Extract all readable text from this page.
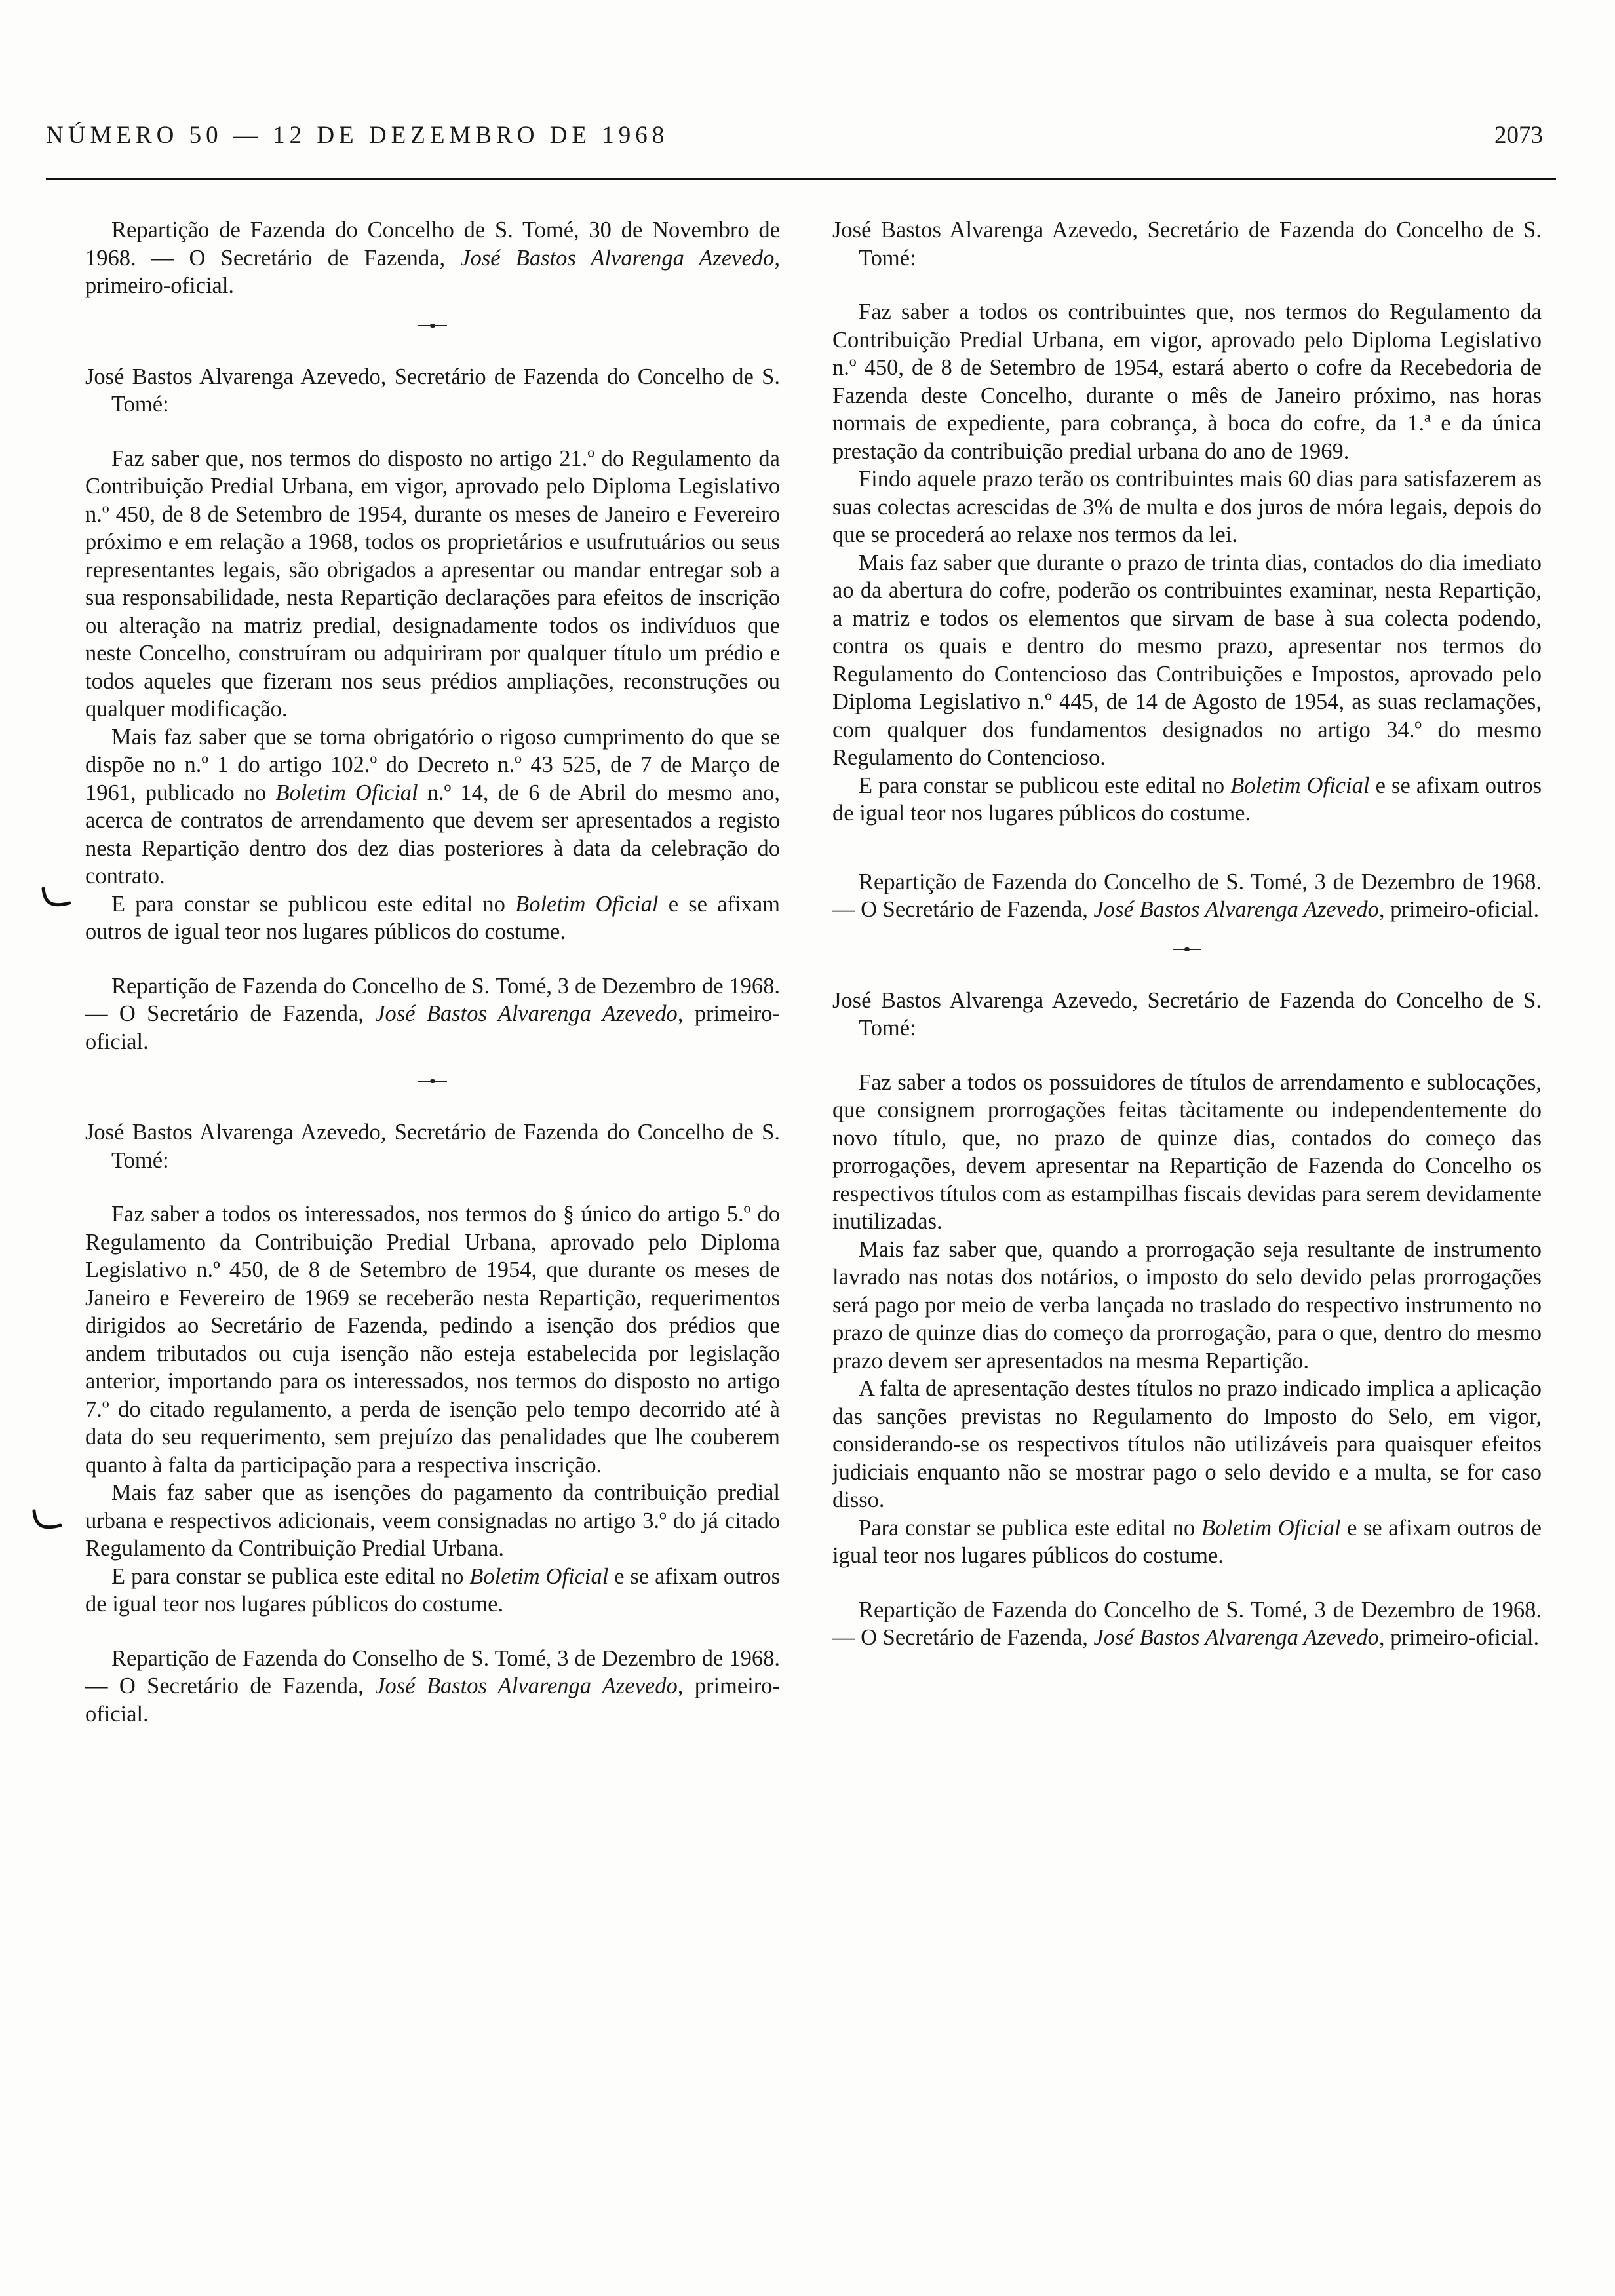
NÚMERO 50 — 12 DE DEZEMBRO DE 1968	2073

Repartição de Fazenda do Concelho de S. Tomé, 30 de Novembro de 1968. — O Secretário de Fazenda, José Bastos Alvarenga Azevedo, primeiro-oficial.

José Bastos Alvarenga Azevedo, Secretário de Fazenda do Concelho de S. Tomé:

Faz saber que, nos termos do disposto no artigo 21.º do Regulamento da Contribuição Predial Urbana, em vigor, aprovado pelo Diploma Legislativo n.º 450, de 8 de Setembro de 1954, durante os meses de Janeiro e Fevereiro próximo e em relação a 1968, todos os proprietários e usufrutuários ou seus representantes legais, são obrigados a apresentar ou mandar entregar sob a sua responsabilidade, nesta Repartição declarações para efeitos de inscrição ou alteração na matriz predial, designadamente todos os indivíduos que neste Concelho, construíram ou adquiriram por qualquer título um prédio e todos aqueles que fizeram nos seus prédios ampliações, reconstruções ou qualquer modificação.

Mais faz saber que se torna obrigatório o rigoso cumprimento do que se dispõe no n.º 1 do artigo 102.º do Decreto n.º 43 525, de 7 de Março de 1961, publicado no Boletim Oficial n.º 14, de 6 de Abril do mesmo ano, acerca de contratos de arrendamento que devem ser apresentados a registo nesta Repartição dentro dos dez dias posteriores à data da celebração do contrato.

E para constar se publicou este edital no Boletim Oficial e se afixam outros de igual teor nos lugares públicos do costume.

Repartição de Fazenda do Concelho de S. Tomé, 3 de Dezembro de 1968. — O Secretário de Fazenda, José Bastos Alvarenga Azevedo, primeiro-oficial.

José Bastos Alvarenga Azevedo, Secretário de Fazenda do Concelho de S. Tomé:

Faz saber a todos os interessados, nos termos do § único do artigo 5.º do Regulamento da Contribuição Predial Urbana, aprovado pelo Diploma Legislativo n.º 450, de 8 de Setembro de 1954, que durante os meses de Janeiro e Fevereiro de 1969 se receberão nesta Repartição, requerimentos dirigidos ao Secretário de Fazenda, pedindo a isenção dos prédios que andem tributados ou cuja isenção não esteja estabelecida por legislação anterior, importando para os interessados, nos termos do disposto no artigo 7.º do citado regulamento, a perda de isenção pelo tempo decorrido até à data do seu requerimento, sem prejuízo das penalidades que lhe couberem quanto à falta da participação para a respectiva inscrição.

Mais faz saber que as isenções do pagamento da contribuição predial urbana e respectivos adicionais, veem consignadas no artigo 3.º do já citado Regulamento da Contribuição Predial Urbana.

E para constar se publica este edital no Boletim Oficial e se afixam outros de igual teor nos lugares públicos do costume.

Repartição de Fazenda do Conselho de S. Tomé, 3 de Dezembro de 1968. — O Secretário de Fazenda, José Bastos Alvarenga Azevedo, primeiro-oficial.

José Bastos Alvarenga Azevedo, Secretário de Fazenda do Concelho de S. Tomé:

Faz saber a todos os contribuintes que, nos termos do Regulamento da Contribuição Predial Urbana, em vigor, aprovado pelo Diploma Legislativo n.º 450, de 8 de Setembro de 1954, estará aberto o cofre da Recebedoria de Fazenda deste Concelho, durante o mês de Janeiro próximo, nas horas normais de expediente, para cobrança, à boca do cofre, da 1.ª e da única prestação da contribuição predial urbana do ano de 1969.

Findo aquele prazo terão os contribuintes mais 60 dias para satisfazerem as suas colectas acrescidas de 3% de multa e dos juros de móra legais, depois do que se procederá ao relaxe nos termos da lei.

Mais faz saber que durante o prazo de trinta dias, contados do dia imediato ao da abertura do cofre, poderão os contribuintes examinar, nesta Repartição, a matriz e todos os elementos que sirvam de base à sua colecta podendo, contra os quais e dentro do mesmo prazo, apresentar nos termos do Regulamento do Contencioso das Contribuições e Impostos, aprovado pelo Diploma Legislativo n.º 445, de 14 de Agosto de 1954, as suas reclamações, com qualquer dos fundamentos designados no artigo 34.º do mesmo Regulamento do Contencioso.

E para constar se publicou este edital no Boletim Oficial e se afixam outros de igual teor nos lugares públicos do costume.

Repartição de Fazenda do Concelho de S. Tomé, 3 de Dezembro de 1968. — O Secretário de Fazenda, José Bastos Alvarenga Azevedo, primeiro-oficial.

José Bastos Alvarenga Azevedo, Secretário de Fazenda do Concelho de S. Tomé:

Faz saber a todos os possuidores de títulos de arrendamento e sublocações, que consignem prorrogações feitas tàcitamente ou independentemente do novo título, que, no prazo de quinze dias, contados do começo das prorrogações, devem apresentar na Repartição de Fazenda do Concelho os respectivos títulos com as estampilhas fiscais devidas para serem devidamente inutilizadas.

Mais faz saber que, quando a prorrogação seja resultante de instrumento lavrado nas notas dos notários, o imposto do selo devido pelas prorrogações será pago por meio de verba lançada no traslado do respectivo instrumento no prazo de quinze dias do começo da prorrogação, para o que, dentro do mesmo prazo devem ser apresentados na mesma Repartição.

A falta de apresentação destes títulos no prazo indicado implica a aplicação das sanções previstas no Regulamento do Imposto do Selo, em vigor, considerando-se os respectivos títulos não utilizáveis para quaisquer efeitos judiciais enquanto não se mostrar pago o selo devido e a multa, se for caso disso.

Para constar se publica este edital no Boletim Oficial e se afixam outros de igual teor nos lugares públicos do costume.

Repartição de Fazenda do Concelho de S. Tomé, 3 de Dezembro de 1968. — O Secretário de Fazenda, José Bastos Alvarenga Azevedo, primeiro-oficial.
